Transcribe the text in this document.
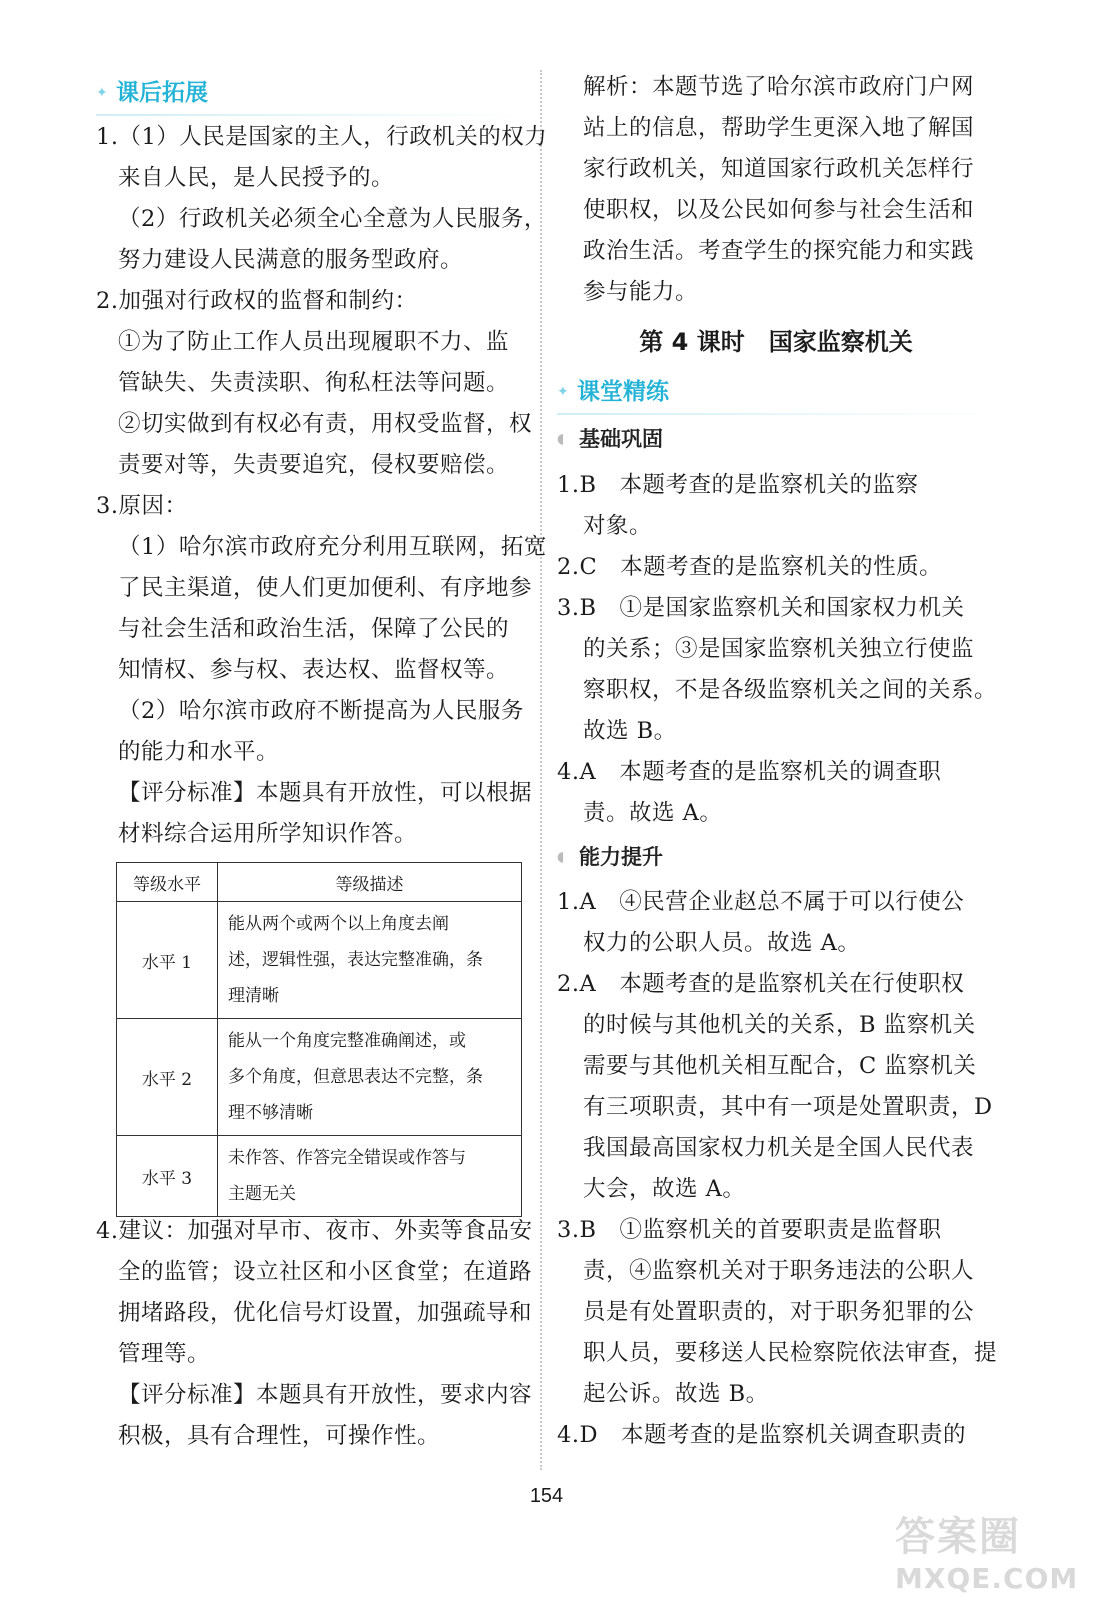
✦ 课后拓展
1.（1）人民是国家的主人，行政机关的权力
来自人民，是人民授予的。
（2）行政机关必须全心全意为人民服务，
努力建设人民满意的服务型政府。
2.加强对行政权的监督和制约：
①为了防止工作人员出现履职不力、监
管缺失、失责渎职、徇私枉法等问题。
②切实做到有权必有责，用权受监督，权
责要对等，失责要追究，侵权要赔偿。
3.原因：
（1）哈尔滨市政府充分利用互联网，拓宽
了民主渠道，使人们更加便利、有序地参
与社会生活和政治生活，保障了公民的
知情权、参与权、表达权、监督权等。
（2）哈尔滨市政府不断提高为人民服务
的能力和水平。
【评分标准】本题具有开放性，可以根据
材料综合运用所学知识作答。
等级水平	等级描述
水平 1	能从两个或两个以上角度去阐
述，逻辑性强，表达完整准确，条
理清晰

水平 2	能从一个角度完整准确阐述，或
多个角度，但意思表达不完整，条
理不够清晰

水平 3	未作答、作答完全错误或作答与
主题无关
4.建议：加强对早市、夜市、外卖等食品安
全的监管；设立社区和小区食堂；在道路
拥堵路段，优化信号灯设置，加强疏导和
管理等。
【评分标准】本题具有开放性，要求内容
积极，具有合理性，可操作性。
解析：本题节选了哈尔滨市政府门户网
站上的信息，帮助学生更深入地了解国
家行政机关，知道国家行政机关怎样行
使职权，以及公民如何参与社会生活和
政治生活。考查学生的探究能力和实践
参与能力。
第 4 课时　国家监察机关
✦ 课堂精练
◖ 基础巩固
1.B　本题考查的是监察机关的监察
对象。
2.C　本题考查的是监察机关的性质。
3.B　①是国家监察机关和国家权力机关
的关系；③是国家监察机关独立行使监
察职权，不是各级监察机关之间的关系。
故选 B。
4.A　本题考查的是监察机关的调查职
责。故选 A。
◖ 能力提升
1.A　④民营企业赵总不属于可以行使公
权力的公职人员。故选 A。
2.A　本题考查的是监察机关在行使职权
的时候与其他机关的关系，B 监察机关
需要与其他机关相互配合，C 监察机关
有三项职责，其中有一项是处置职责，D
我国最高国家权力机关是全国人民代表
大会，故选 A。
3.B　①监察机关的首要职责是监督职
责，④监察机关对于职务违法的公职人
员是有处置职责的，对于职务犯罪的公
职人员，要移送人民检察院依法审查，提
起公诉。故选 B。
4.D　本题考查的是监察机关调查职责的
154
答案圈
MXQE.COM
